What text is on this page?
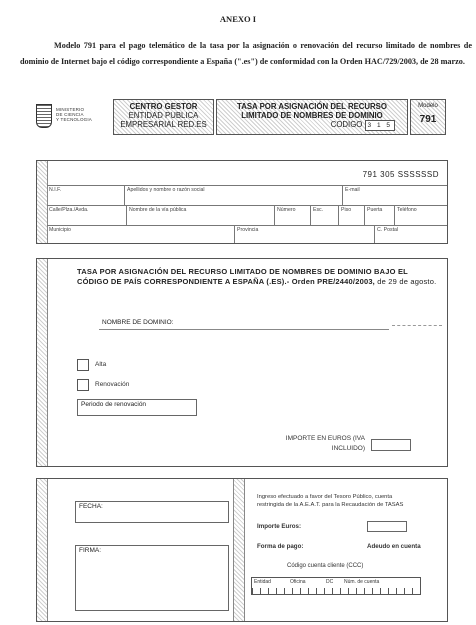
ANEXO I

Modelo 791 para el pago telemático de la tasa por la asignación o renovación del recurso limitado de nombres de dominio de Internet bajo el código correspondiente a España (".es") de conformidad con la Orden HAC/729/2003, de 28 marzo.

MINISTERIO
DE CIENCIA
Y TECNOLOGIA
CENTRO GESTOR
ENTIDAD PUBLICA
EMPRESARIAL RED.ES
TASA POR ASIGNACIÓN DEL RECURSO
LIMITADO DE NOMBRES DE DOMINIO
CODIGO 3 1 5
Modelo
791
791 305 SSSSSSD
N.I.F.	Apellidos y nombre o razón social	E-mail
Calle/Plza./Avda.	Nombre de la vía pública	Número	Esc.	Piso	Puerta	Teléfono
Municipio	Provincia	C. Postal
TASA POR ASIGNACIÓN DEL RECURSO LIMITADO DE NOMBRES DE DOMINIO BAJO EL CÓDIGO DE PAÍS CORRESPONDIENTE A ESPAÑA (.ES).- Orden PRE/2440/2003, de 29 de agosto.
NOMBRE DE DOMINIO:
Alta
Renovación
Periodo de renovación
IMPORTE EN EUROS (IVA
INCLUIDO)
FECHA:
FIRMA:
Ingreso efectuado a favor del Tesoro Público, cuenta
restringida de la A.E.A.T. para la Recaudación de TASAS
Importe Euros:
Forma de pago:	Adeudo en cuenta
Código cuenta cliente (CCC)
Entidad	Oficina	DC Núm. de cuenta
